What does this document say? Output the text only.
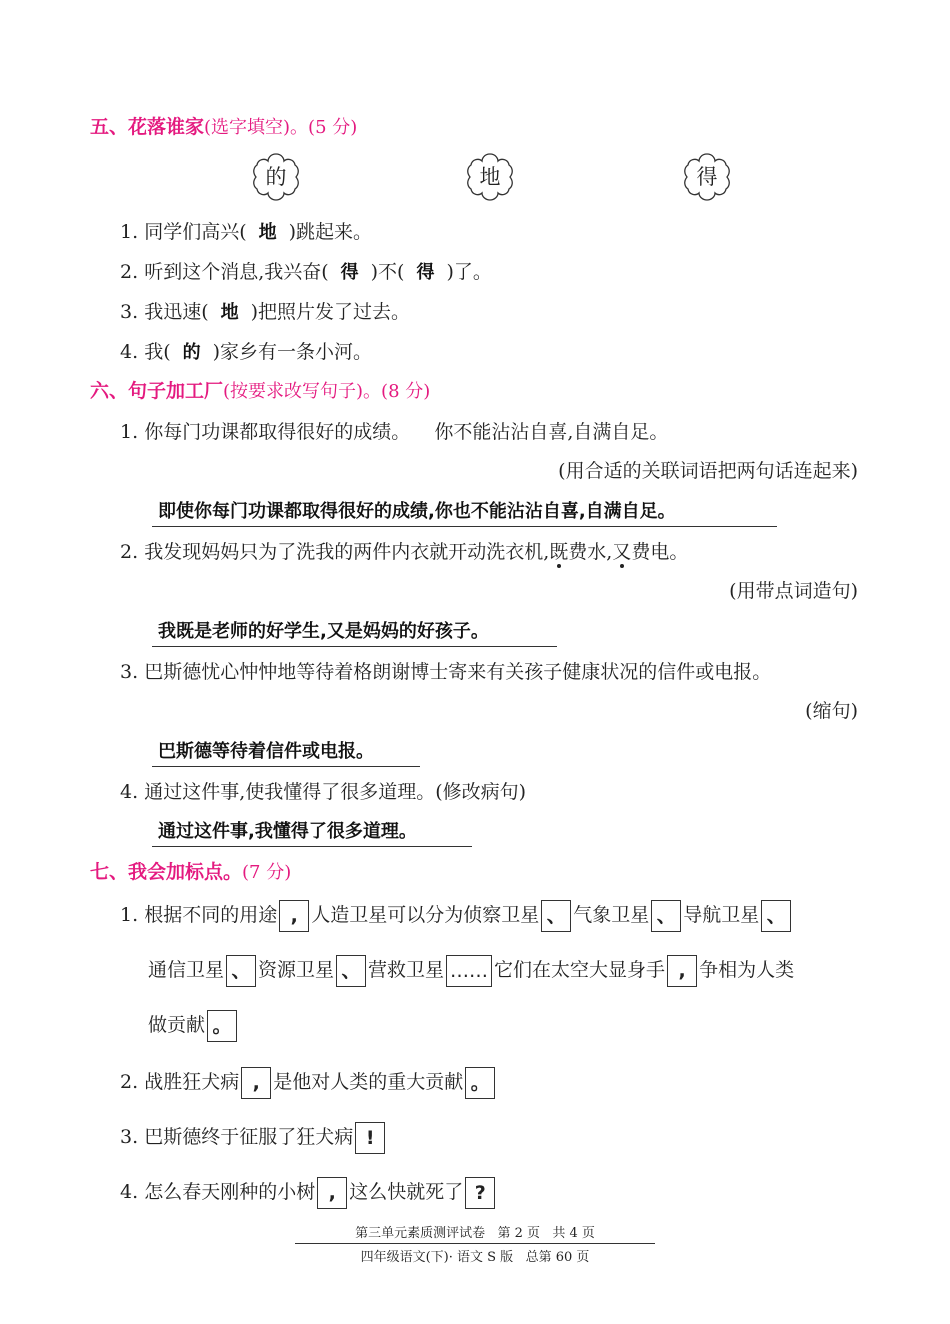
五、花落谁家(选字填空)。(5 分)
的	地	得
1. 同学们高兴( 地 )跳起来。
2. 听到这个消息,我兴奋( 得 )不( 得 )了。
3. 我迅速( 地 )把照片发了过去。
4. 我( 的 )家乡有一条小河。
六、句子加工厂(按要求改写句子)。(8 分)
1. 你每门功课都取得很好的成绩。    你不能沾沾自喜,自满自足。
(用合适的关联词语把两句话连起来)
即使你每门功课都取得很好的成绩,你也不能沾沾自喜,自满自足。
2. 我发现妈妈只为了洗我的两件内衣就开动洗衣机,既费水,又费电。
(用带点词造句)
我既是老师的好学生,又是妈妈的好孩子。
3. 巴斯德忧心忡忡地等待着格朗谢博士寄来有关孩子健康状况的信件或电报。
(缩句)
巴斯德等待着信件或电报。
4. 通过这件事,使我懂得了很多道理。(修改病句)
通过这件事,我懂得了很多道理。
七、我会加标点。(7 分)
1. 根据不同的用途 , 人造卫星可以分为侦察卫星 、 气象卫星 、 导航卫星 、
通信卫星 、 资源卫星 、 营救卫星 …… 它们在太空大显身手 , 争相为人类
做贡献 。
2. 战胜狂犬病 , 是他对人类的重大贡献 。
3. 巴斯德终于征服了狂犬病 !
4. 怎么春天刚种的小树 , 这么快就死了 ?
第三单元素质测评试卷   第 2 页   共 4 页
四年级语文(下)· 语文 S 版   总第 60 页
